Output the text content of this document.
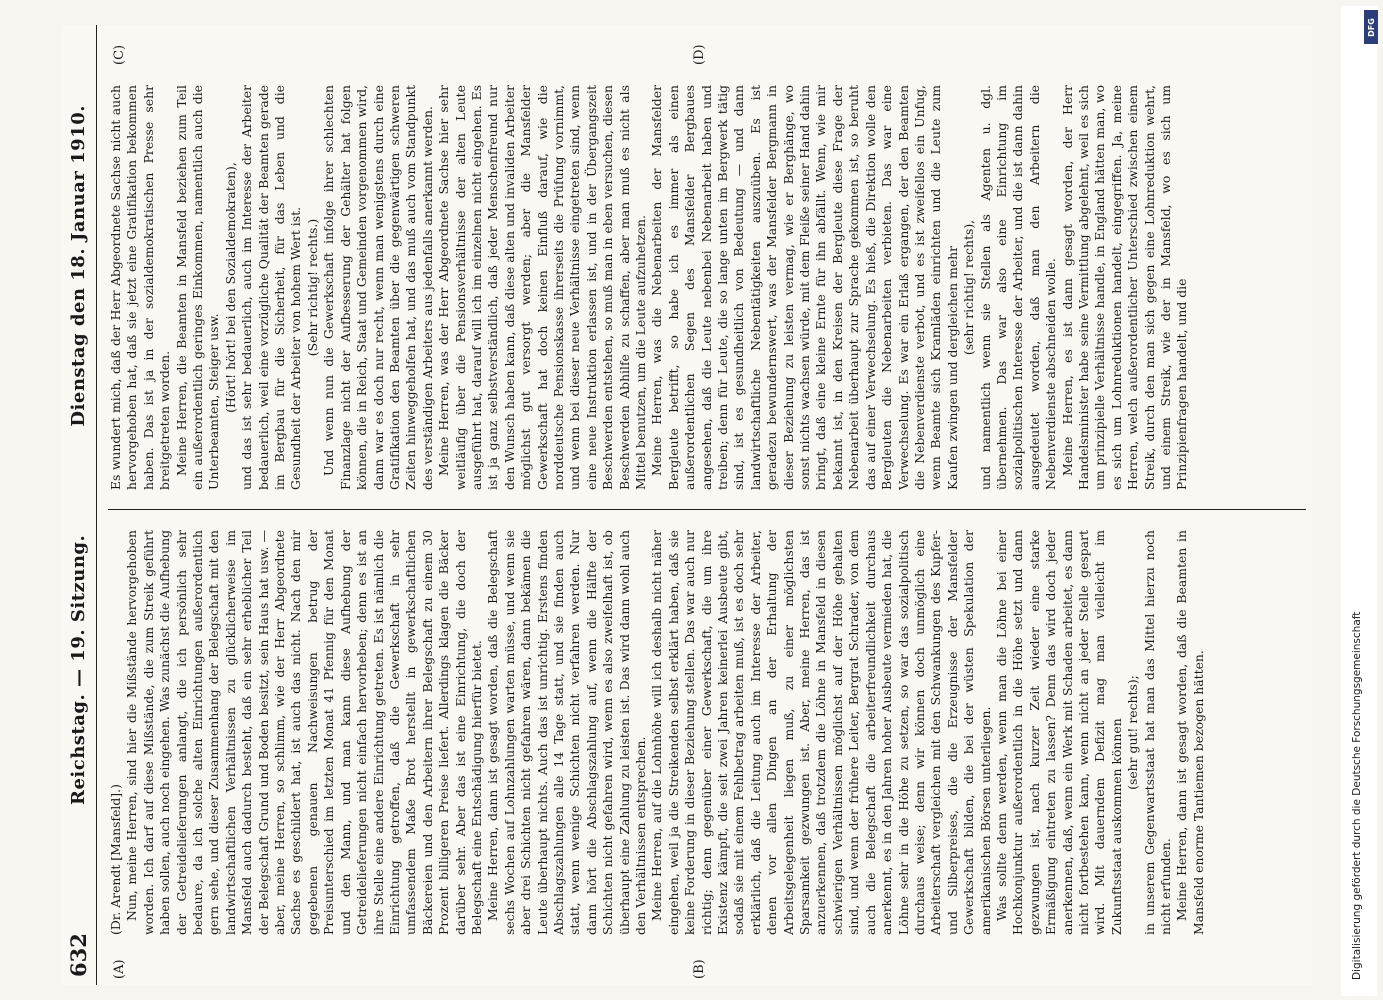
632
Reichstag. — 19. Sitzung.
Dienstag den 18. Januar 1910.
(A)	(B)
(C)	(D)

(Dr. Arendt [Mansfeld].) Nun, meine Herren, sind hier die Mißstände hervorgehoben worden. Ich darf auf diese Mißstände, die zum Streik geführt haben sollen, auch noch eingehen. Was zunächst die Aufhebung der Getreidelieferungen anlangt, die ich persönlich sehr bedaure, da ich solche alten Einrichtungen außerordentlich gern sehe, und dieser Zusammenhang der Belegschaft mit den landwirtschaftlichen Verhältnissen zu glücklicherweise im Mansfeld auch dadurch besteht, daß ein sehr erheblicher Teil der Belegschaft Grund und Boden besitzt, sein Haus hat usw. — aber, meine Herren, so schlimm, wie der Herr Abgeordnete Sachse es geschildert hat, ist auch das nicht. Nach den mir gegebenen genauen Nachweisungen betrug der Preisunterschied im letzten Monat 41 Pfennig für den Monat und den Mann, und man kann diese Aufhebung der Getreidelieferungen nicht einfach hervorheben; denn es ist an ihre Stelle eine andere Einrichtung getreten. Es ist nämlich die Einrichtung getroffen, daß die Gewerkschaft in sehr umfassendem Maße Brot herstellt in gewerkschaftlichen Bäckereien und den Arbeitern ihrer Belegschaft zu einem 30 Prozent billigeren Preise liefert. Allerdings klagen die Bäcker darüber sehr. Aber das ist eine Einrichtung, die doch der Belegschaft eine Entschädigung hierfür bietet. Meine Herren, dann ist gesagt worden, daß die Belegschaft sechs Wochen auf Lohnzahlungen warten müsse, und wenn sie aber drei Schichten nicht gefahren wären, dann bekämen die Leute überhaupt nichts. Auch das ist unrichtig. Erstens finden Abschlagszahlungen alle 14 Tage statt, und sie finden auch statt, wenn wenige Schichten nicht verfahren werden. Nur dann hört die Abschlagszahlung auf, wenn die Hälfte der Schichten nicht gefahren wird, wenn es also zweifelhaft ist, ob überhaupt eine Zahlung zu leisten ist. Das wird dann wohl auch den Verhältnissen entsprechen. Meine Herren, auf die Lohnhöhe will ich deshalb nicht näher eingehen, weil ja die Streikenden selbst erklärt haben, daß sie keine Forderung in dieser Beziehung stellen. Das war auch nur richtig; denn gegenüber einer Gewerkschaft, die um ihre Existenz kämpft, die seit zwei Jahren keinerlei Ausbeute gibt, sodaß sie mit einem Fehlbetrag arbeiten muß, ist es doch sehr erklärlich, daß die Leitung auch im Interesse der Arbeiter, denen vor allen Dingen an der Erhaltung der Arbeitsgelegenheit liegen muß, zu einer möglichsten Sparsamkeit gezwungen ist. Aber, meine Herren, das ist anzuerkennen, daß trotzdem die Löhne in Mansfeld in diesen schwierigen Verhältnissen möglichst auf der Höhe gehalten sind, und wenn der frühere Leiter, Bergrat Schrader, von dem auch die Belegschaft die arbeiterfreundlichkeit durchaus anerkennt, es in den Jahren hoher Ausbeute vermieden hat, die Löhne sehr in die Höhe zu setzen, so war das sozialpolitisch durchaus weise; denn wir können doch unmöglich eine Arbeiterschaft vergleichen mit den Schwankungen des Kupfer- und Silberpreises, die die Erzeugnisse der Mansfelder Gewerkschaft bilden, die bei der wüsten Spekulation der amerikanischen Börsen unterliegen. Was sollte denn werden, wenn man die Löhne bei einer Hochkonjunktur außerordentlich in die Höhe setzt und dann gezwungen ist, nach kurzer Zeit wieder eine starke Ermäßigung eintreten zu lassen? Denn das wird doch jeder anerkennen, daß, wenn ein Werk mit Schaden arbeitet, es dann nicht fortbestehen kann, wenn nicht an jeder Stelle gespart wird. Mit dauerndem Defizit mag man vielleicht im Zukunftsstaat auskommen können (sehr gut! rechts); in unserem Gegenwartsstaat hat man das Mittel hierzu noch nicht erfunden. Meine Herren, dann ist gesagt worden, daß die Beamten in Mansfeld enorme Tantiemen bezogen hätten.

Es wundert mich, daß der Herr Abgeordnete Sachse nicht auch hervorgehoben hat, daß sie jetzt eine Gratifikation bekommen haben. Das ist ja in der sozialdemokratischen Presse sehr breitgetreten worden. Meine Herren, die Beamten in Mansfeld beziehen zum Teil ein außerordentlich geringes Einkommen, namentlich auch die Unterbeamten, Steiger usw. (Hört! hört! bei den Sozialdemokraten), und das ist sehr bedauerlich, auch im Interesse der Arbeiter bedauerlich, weil eine vorzügliche Qualität der Beamten gerade im Bergbau für die Sicherheit, für das Leben und die Gesundheit der Arbeiter von hohem Wert ist. (Sehr richtig! rechts.) Und wenn nun die Gewerkschaft infolge ihrer schlechten Finanzlage nicht der Aufbesserung der Gehälter hat folgen können, die in Reich, Staat und Gemeinden vorgenommen wird, dann war es doch nur recht, wenn man wenigstens durch eine Gratifikation den Beamten über die gegenwärtigen schweren Zeiten hinweggeholfen hat, und das muß auch vom Standpunkt des verständigen Arbeiters aus jedenfalls anerkannt werden. Meine Herren, was der Herr Abgeordnete Sachse hier sehr weitläufig über die Pensionsverhältnisse der alten Leute ausgeführt hat, darauf will ich im einzelnen nicht eingehen. Es ist ja ganz selbstverständlich, daß jeder Menschenfreund nur den Wunsch haben kann, daß diese alten und invaliden Arbeiter möglichst gut versorgt werden; aber die Mansfelder Gewerkschaft hat doch keinen Einfluß darauf, wie die norddeutsche Pensionskasse ihrerseits die Prüfung vornimmt, und wenn bei dieser neue Verhältnisse eingetreten sind, wenn eine neue Instruktion erlassen ist, und in der Übergangszeit Beschwerden entstehen, so muß man in eben versuchen, diesen Beschwerden Abhilfe zu schaffen, aber man muß es nicht als Mittel benutzen, um die Leute aufzuhetzen. Meine Herren, was die Nebenarbeiten der Mansfelder Bergleute betrifft, so habe ich es immer als einen außerordentlichen Segen des Mansfelder Bergbaues angesehen, daß die Leute nebenbei Nebenarbeit haben und treiben; denn für Leute, die so lange unten im Bergwerk tätig sind, ist es gesundheitlich von Bedeutung — und dann landwirtschaftliche Nebentätigkeiten auszuüben. Es ist geradezu bewundernswert, was der Mansfelder Bergmann in dieser Beziehung zu leisten vermag, wie er Berghänge, wo sonst nichts wachsen würde, mit dem Fleiße seiner Hand dahin bringt, daß eine kleine Ernte für ihn abfällt. Wenn, wie mir bekannt ist, in den Kreisen der Bergleute diese Frage der Nebenarbeit überhaupt zur Sprache gekommen ist, so beruht das auf einer Verwechselung. Es hieß, die Direktion wolle den Bergleuten die Nebenarbeiten verbieten. Das war eine Verwechselung. Es war ein Erlaß ergangen, der den Beamten die Nebenverdienste verbot, und es ist zweifellos ein Unfug, wenn Beamte sich Kramläden einrichten und die Leute zum Kaufen zwingen und dergleichen mehr (sehr richtig! rechts), und namentlich wenn sie Stellen als Agenten u. dgl. übernehmen. Das war also eine Einrichtung im sozialpolitischen Interesse der Arbeiter, und die ist dann dahin ausgedeutet worden, daß man den Arbeitern die Nebenverdienste abschneiden wolle. Meine Herren, es ist dann gesagt worden, der Herr Handelsminister habe seine Vermittlung abgelehnt, weil es sich um prinzipielle Verhältnisse handle, in England hätten man, wo es sich um Lohnreduktionen handelt, eingegriffen. Ja, meine Herren, welch außerordentlicher Unterschied zwischen einem Streik, durch den man sich gegen eine Lohnreduktion wehrt, und einem Streik, wie der in Mansfeld, wo es sich um Prinzipienfragen handelt, und die

DFG
Digitalisierung gefördert durch die Deutsche Forschungsgemeinschaft
